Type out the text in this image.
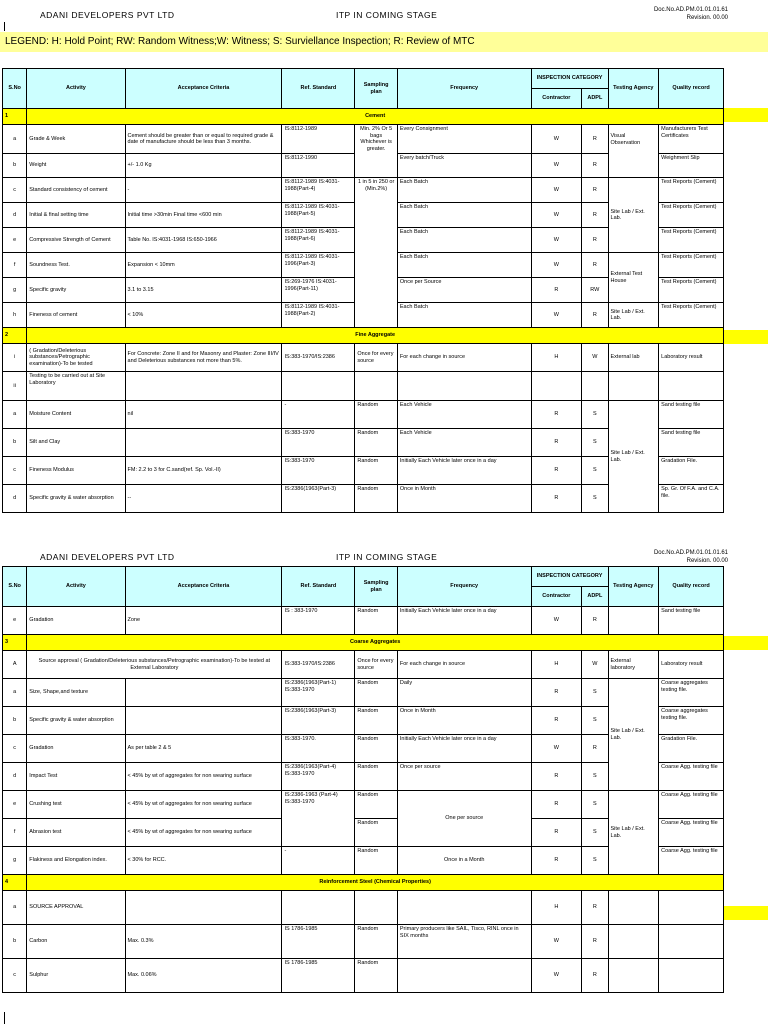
ADANI DEVELOPERS PVT LTD	ITP IN COMING STAGE	Doc.No.AD.PM.01.01.01.61
Revision. 00.00
LEGEND: H: Hold Point; RW: Random Witness;W: Witness; S: Surviellance Inspection; R: Review of MTC
S.No	Activity	Acceptance Criteria	Ref. Standard	Sampling plan	Frequency	INSPECTION CATEGORY		Testing Agency	Quality record
						Contractor	ADPL		
1	Cement								
a	Grade & Week	Cement should be greater than or equal to required grade & date of manufacture should be less than 3 months.	IS:8112-1989	Min. 2% Or 5 bags Whichever is greater.	Every Consignment	W	R	Visual Observation	Manufacturers Test Certificates
b	Weight	+/- 1.0 Kg	IS:8112-1990		Every batch/Truck	W	R		Weighment Slip
c	Standard consistency of cement	-	IS:8112-1989 IS:4031-1988(Part-4)	1 in 5 in 250 or (Min.2%)	Each Batch	W	R	Site Lab / Ext. Lab.	Test Reports (Cement)
d	Initial & final setting time	Initial time >30min Final time <600 min	IS:8112-1989 IS:4031-1988(Part-5)		Each Batch	W	R		Test Reports (Cement)
e	Compressive Strength of Cement	Table No. IS:4031-1968 IS:650-1966	IS:8112-1989 IS:4031-1988(Part-6)		Each Batch	W	R		Test Reports (Cement)
f	Soundness Test.	Expansion < 10mm	IS:8112-1989 IS:4031-1996(Part-3)		Each Batch	W	R	External Test House	Test Reports (Cement)
g	Specific gravity	3.1 to 3.15	IS:269-1976 IS:4031-1996(Part-11)		Once per Source	R	RW		Test Reports (Cement)
h	Fineness of cement	< 10%	IS:8112-1989 IS:4031-1988(Part-2)		Each Batch	W	R	Site Lab / Ext. Lab.	Test Reports (Cement)
2	Fine Aggregate								
i	( Gradation/Deleterious substances/Petrographic examination)-To be tested	For Concrete: Zone II and for Masonry and Plaster: Zone III/IV and Deleterious substances not more than 5%.	IS:383-1970/IS:2386	Once for every source	For each change in source	H	W	External lab	Laboratory result
ii	Testing to be carried out at Site Laboratory								
a	Moisture Content	nil	-	Random	Each Vehicle	R	S	Site Lab / Ext. Lab.	Sand testing file
b	Silt and Clay		IS:383-1970	Random	Each Vehicle	R	S		Sand testing file
c	Fineness Modulus	FM: 2.2 to 3 for C.sand(ref. Sp. Vol.-II)	IS:383-1970	Random	Initially Each Vehicle later once in a day	R	S		Gradation File.
d	Specific gravity & water absorption	--	IS:2386(1963(Part-3)	Random	Once in Month	R	S		Sp. Gr. Of F.A. and C.A. file.
ADANI DEVELOPERS PVT LTD	ITP IN COMING STAGE	Doc.No.AD.PM.01.01.01.61
Revision. 00.00
S.No	Activity	Acceptance Criteria	Ref. Standard	Sampling plan	Frequency	INSPECTION CATEGORY		Testing Agency	Quality record
						Contractor	ADPL		
e	Gradation	Zone	IS : 383-1970	Random	Initially Each Vehicle later once in a day	W	R		Sand testing file
3	Coarse Aggregates								
A	Source approval ( Gradation/Deleterious substances/Petrographic examination)-To be tested at External Laboratory		IS:383-1970/IS:2386	Once for every source	For each change in source	H	W	External laboratory	Laboratory result
a	Size, Shape,and texture		IS:2386(1963(Part-1) IS:383-1970	Random	Daily	R	S	Site Lab / Ext. Lab.	Coarse aggregates testing file.
b	Specific gravity & water absorption		IS:2386(1963(Part-3)	Random	Once in Month	R	S		Coarse aggregates testing file.
c	Gradation	As per table 2 & 5	IS:383-1970.	Random	Initially Each Vehicle later once in a day	W	R		Gradation File.
d	Impact Test	< 45% by wt of aggregates for non wearing surface	IS:2386(1963(Part-4) IS:383-1970	Random	Once per source	R	S		Coarse Agg. testing file
e	Crushing test	< 45% by wt of aggregates for non wearing surface	IS:2386-1963 (Part-4) IS:383-1970	Random	One per source	R	S	Site Lab / Ext. Lab.	Coarse Agg. testing file
f	Abrasion test	< 45% by wt of aggregates for non wearing surface		Random		R	S		Coarse Agg. testing file
g	Flakiness and Elongation index.	< 30% for RCC.	-	Random	Once in a Month	R	S		Coarse Agg. testing file
4	Reinforcement Steel (Chemical Properties)								
a	SOURCE APPROVAL					H	R		
b	Carbon	Max. 0.3%	IS 1786-1985	Random	Primary producers like SAIL, Tisco, RINL once in SIX months	W	R		
c	Sulphur	Max. 0.06%	IS 1786-1985	Random		W	R		
